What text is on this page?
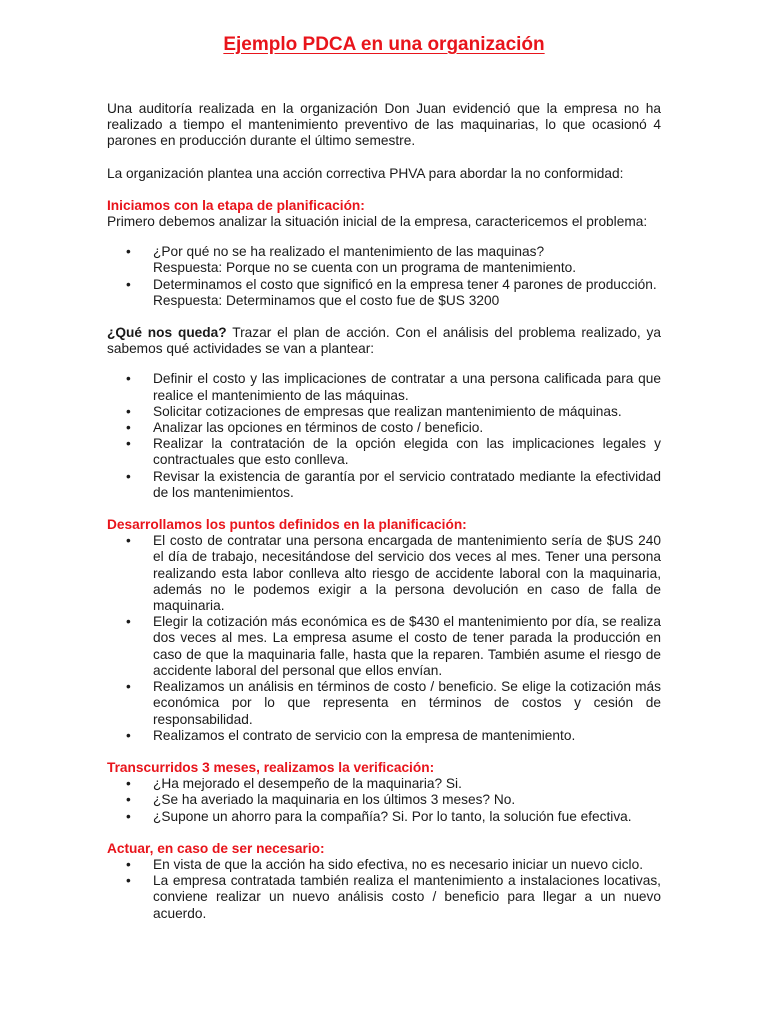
Ejemplo PDCA en una organización

Una auditoría realizada en la organización Don Juan evidenció que la empresa no ha realizado a tiempo el mantenimiento preventivo de las maquinarias, lo que ocasionó 4 parones en producción durante el último semestre.

La organización plantea una acción correctiva PHVA para abordar la no conformidad:

Iniciamos con la etapa de planificación:

Primero debemos analizar la situación inicial de la empresa, caractericemos el problema:

• ¿Por qué no se ha realizado el mantenimiento de las maquinas?
Respuesta: Porque no se cuenta con un programa de mantenimiento.
• Determinamos el costo que significó en la empresa tener 4 parones de producción.
Respuesta: Determinamos que el costo fue de $US 3200

¿Qué nos queda? Trazar el plan de acción. Con el análisis del problema realizado, ya sabemos qué actividades se van a plantear:

• Definir el costo y las implicaciones de contratar a una persona calificada para que realice el mantenimiento de las máquinas.
• Solicitar cotizaciones de empresas que realizan mantenimiento de máquinas.
• Analizar las opciones en términos de costo / beneficio.
• Realizar la contratación de la opción elegida con las implicaciones legales y contractuales que esto conlleva.
• Revisar la existencia de garantía por el servicio contratado mediante la efectividad de los mantenimientos.

Desarrollamos los puntos definidos en la planificación:

• El costo de contratar una persona encargada de mantenimiento sería de $US 240 el día de trabajo, necesitándose del servicio dos veces al mes. Tener una persona realizando esta labor conlleva alto riesgo de accidente laboral con la maquinaria, además no le podemos exigir a la persona devolución en caso de falla de maquinaria.
• Elegir la cotización más económica es de $430 el mantenimiento por día, se realiza dos veces al mes. La empresa asume el costo de tener parada la producción en caso de que la maquinaria falle, hasta que la reparen. También asume el riesgo de accidente laboral del personal que ellos envían.
• Realizamos un análisis en términos de costo / beneficio. Se elige la cotización más económica por lo que representa en términos de costos y cesión de responsabilidad.
• Realizamos el contrato de servicio con la empresa de mantenimiento.

Transcurridos 3 meses, realizamos la verificación:

• ¿Ha mejorado el desempeño de la maquinaria? Si.
• ¿Se ha averiado la maquinaria en los últimos 3 meses? No.
• ¿Supone un ahorro para la compañía? Si. Por lo tanto, la solución fue efectiva.

Actuar, en caso de ser necesario:

• En vista de que la acción ha sido efectiva, no es necesario iniciar un nuevo ciclo.
• La empresa contratada también realiza el mantenimiento a instalaciones locativas, conviene realizar un nuevo análisis costo / beneficio para llegar a un nuevo acuerdo.
